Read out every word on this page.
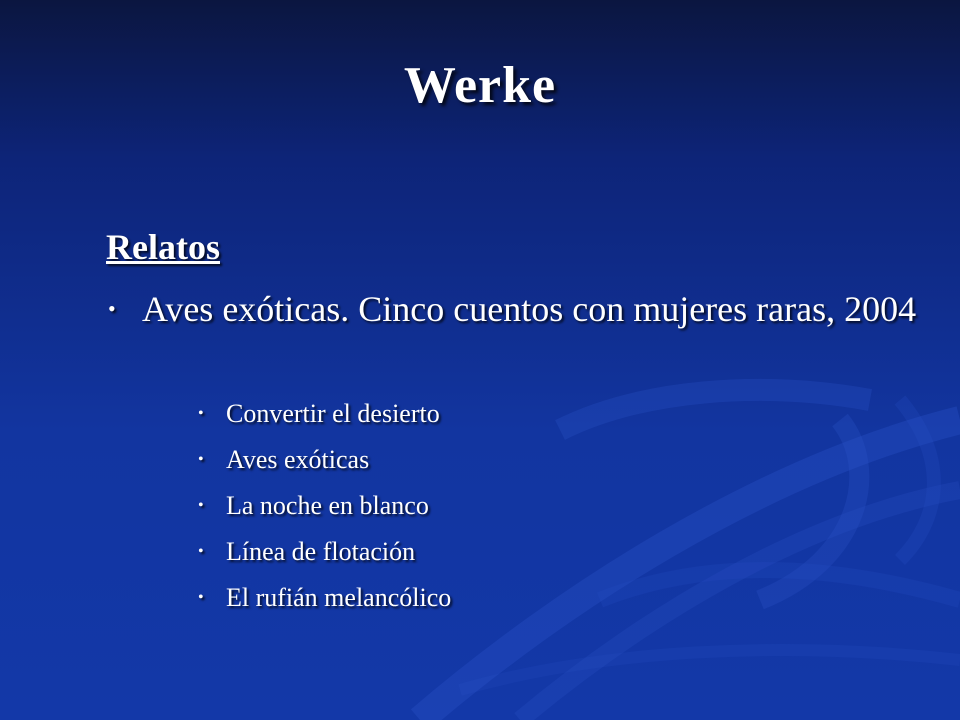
Werke
Relatos
• Aves exóticas. Cinco cuentos con mujeres raras, 2004
• Convertir el desierto
• Aves exóticas
• La noche en blanco
• Línea de flotación
• El rufián melancólico
